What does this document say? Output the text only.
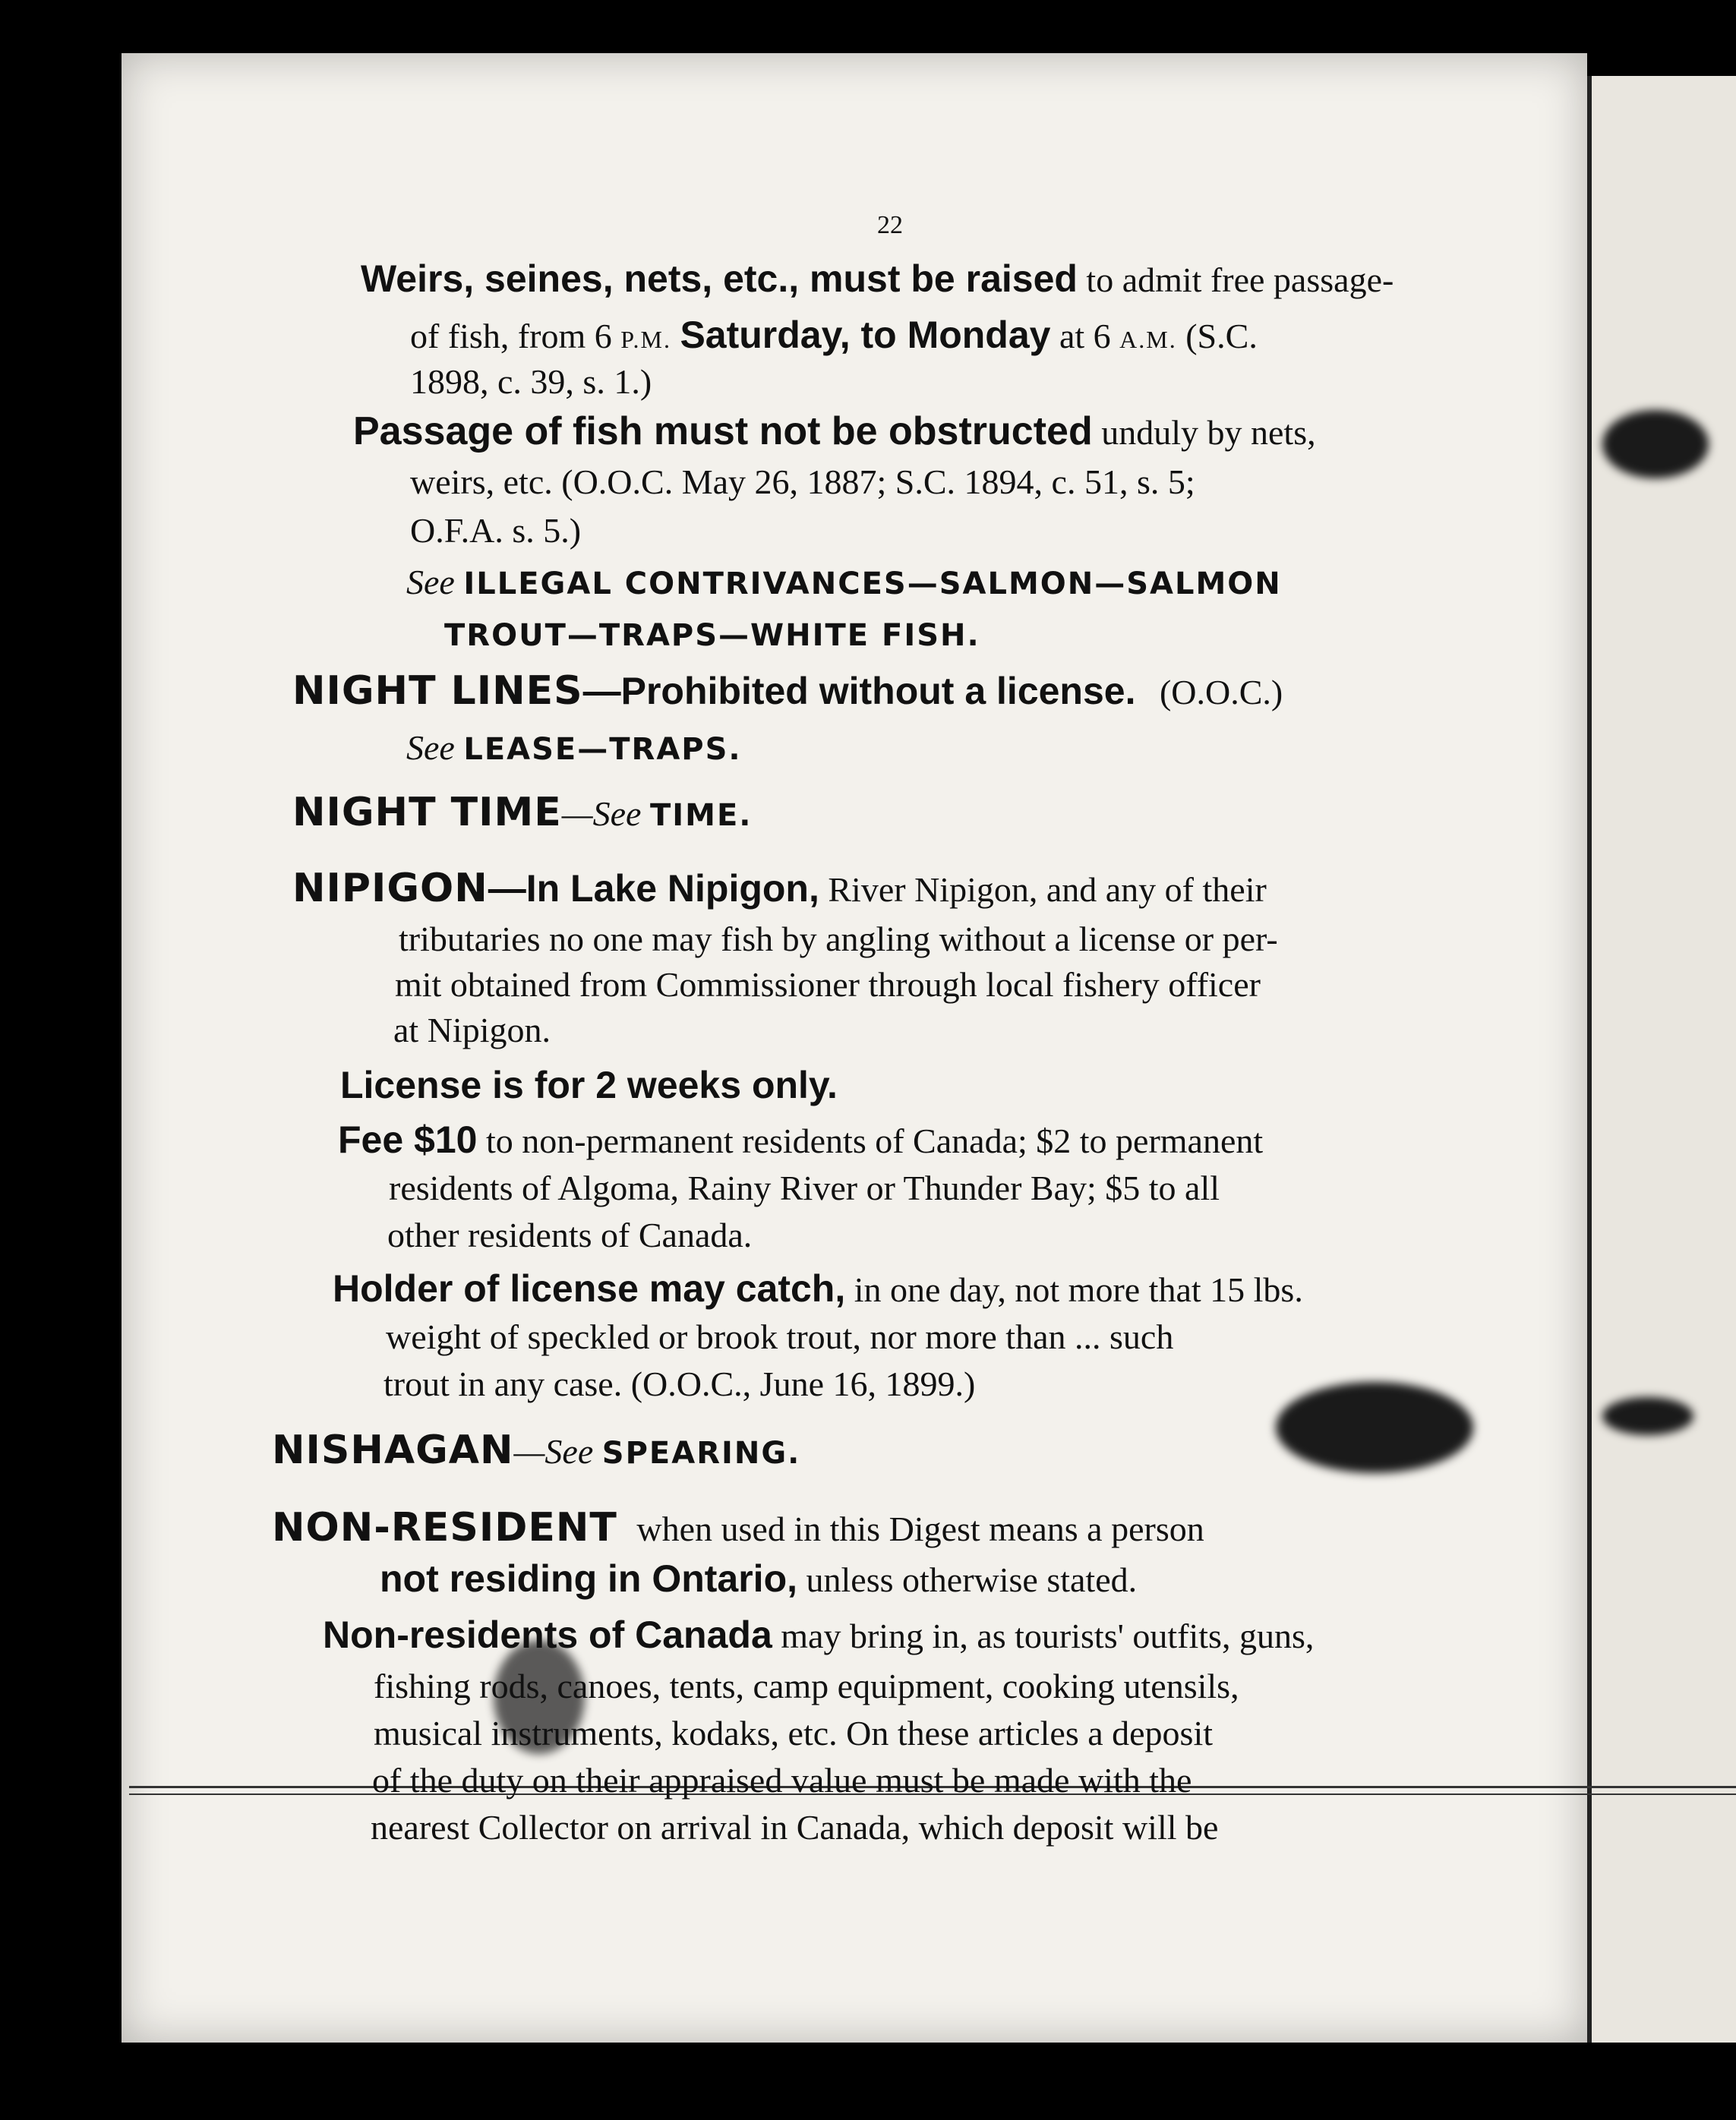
22
Weirs, seines, nets, etc., must be raised to admit free passage-
of fish, from 6 P.M. Saturday, to Monday at 6 A.M. (S.C.
1898, c. 39, s. 1.)
Passage of fish must not be obstructed unduly by nets,
weirs, etc. (O.O.C. May 26, 1887; S.C. 1894, c. 51, s. 5;
O.F.A. s. 5.)
See ILLEGAL CONTRIVANCES—SALMON—SALMON
TROUT—TRAPS—WHITE FISH.
NIGHT LINES—Prohibited without a license. (O.O.C.)
See LEASE—TRAPS.
NIGHT TIME—See TIME.
NIPIGON—In Lake Nipigon, River Nipigon, and any of their
tributaries no one may fish by angling without a license or per-
mit obtained from Commissioner through local fishery officer
at Nipigon.
License is for 2 weeks only.
Fee $10 to non-permanent residents of Canada; $2 to permanent
residents of Algoma, Rainy River or Thunder Bay; $5 to all
other residents of Canada.
Holder of license may catch, in one day, not more that 15 lbs.
weight of speckled or brook trout, nor more than ... such
trout in any case. (O.O.C., June 16, 1899.)
NISHAGAN—See SPEARING.
NON-RESIDENT when used in this Digest means a person
not residing in Ontario, unless otherwise stated.
Non-residents of Canada may bring in, as tourists' outfits, guns,
fishing rods, canoes, tents, camp equipment, cooking utensils,
musical instruments, kodaks, etc. On these articles a deposit
of the duty on their appraised value must be made with the
nearest Collector on arrival in Canada, which deposit will be
